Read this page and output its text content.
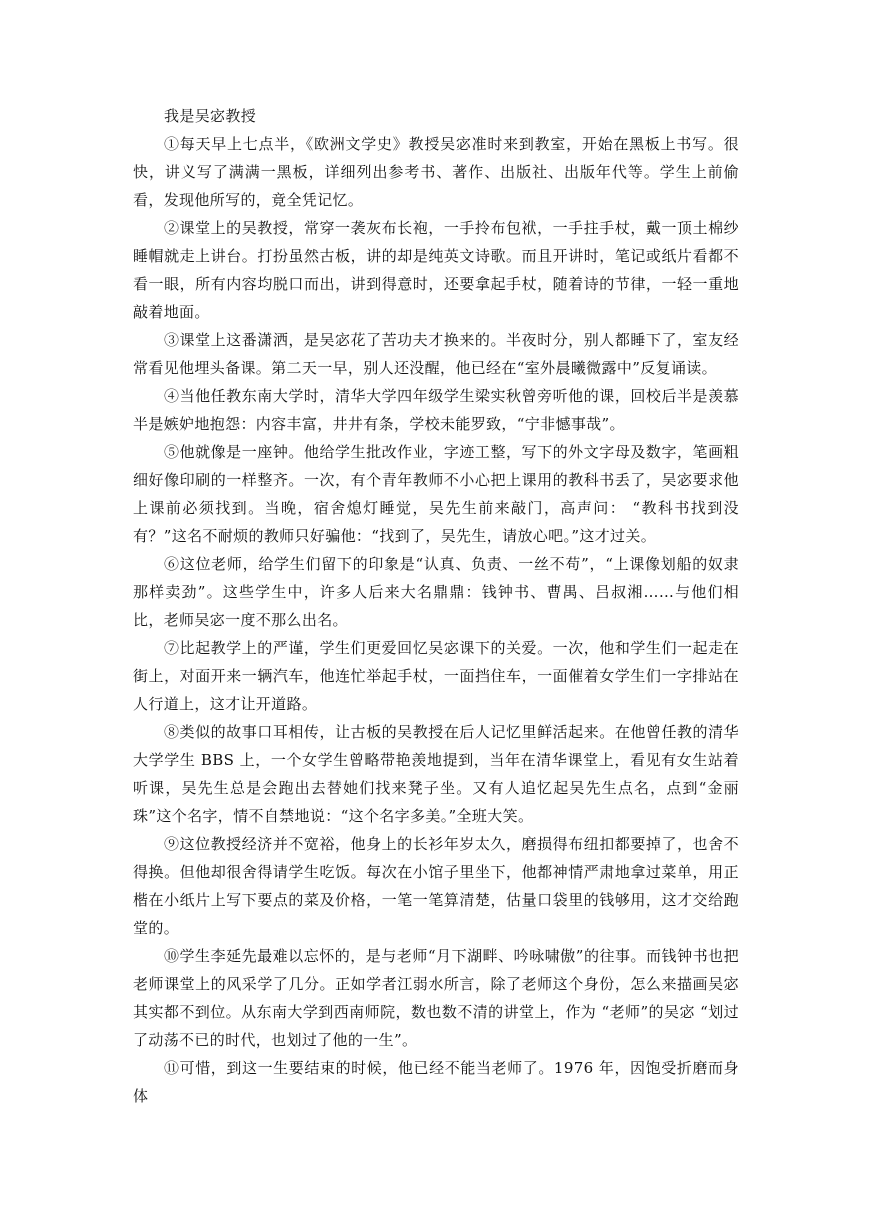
我是吴宓教授

①每天早上七点半，《欧洲文学史》教授吴宓准时来到教室，开始在黑板上书写。很快，讲义写了满满一黑板，详细列出参考书、著作、出版社、出版年代等。学生上前偷看，发现他所写的，竟全凭记忆。

②课堂上的吴教授，常穿一袭灰布长袍，一手拎布包袱，一手拄手杖，戴一顶土棉纱睡帽就走上讲台。打扮虽然古板，讲的却是纯英文诗歌。而且开讲时，笔记或纸片看都不看一眼，所有内容均脱口而出，讲到得意时，还要拿起手杖，随着诗的节律，一轻一重地敲着地面。

③课堂上这番潇洒，是吴宓花了苦功夫才换来的。半夜时分，别人都睡下了，室友经常看见他埋头备课。第二天一早，别人还没醒，他已经在“室外晨曦微露中”反复诵读。

④当他任教东南大学时，清华大学四年级学生梁实秋曾旁听他的课，回校后半是羡慕半是嫉妒地抱怨：内容丰富，井井有条，学校未能罗致，“宁非憾事哉”。

⑤他就像是一座钟。他给学生批改作业，字迹工整，写下的外文字母及数字，笔画粗细好像印刷的一样整齐。一次，有个青年教师不小心把上课用的教科书丢了，吴宓要求他上课前必须找到。当晚，宿舍熄灯睡觉，吴先生前来敲门，高声问： “教科书找到没有？”这名不耐烦的教师只好骗他：“找到了，吴先生，请放心吧。”这才过关。

⑥这位老师，给学生们留下的印象是“认真、负责、一丝不苟”，“上课像划船的奴隶那样卖劲”。这些学生中，许多人后来大名鼎鼎：钱钟书、曹禺、吕叔湘……与他们相比，老师吴宓一度不那么出名。

⑦比起教学上的严谨，学生们更爱回忆吴宓课下的关爱。一次，他和学生们一起走在街上，对面开来一辆汽车，他连忙举起手杖，一面挡住车，一面催着女学生们一字排站在人行道上，这才让开道路。

⑧类似的故事口耳相传，让古板的吴教授在后人记忆里鲜活起来。在他曾任教的清华大学学生 BBS 上，一个女学生曾略带艳羡地提到，当年在清华课堂上，看见有女生站着听课，吴先生总是会跑出去替她们找来凳子坐。又有人追忆起吴先生点名，点到“金丽珠”这个名字，情不自禁地说：“这个名字多美。”全班大笑。

⑨这位教授经济并不宽裕，他身上的长衫年岁太久，磨损得布纽扣都要掉了，也舍不得换。但他却很舍得请学生吃饭。每次在小馆子里坐下，他都神情严肃地拿过菜单，用正楷在小纸片上写下要点的菜及价格，一笔一笔算清楚，估量口袋里的钱够用，这才交给跑堂的。

⑩学生李延先最难以忘怀的，是与老师“月下湖畔、吟咏啸傲”的往事。而钱钟书也把老师课堂上的风采学了几分。正如学者江弱水所言，除了老师这个身份，怎么来描画吴宓其实都不到位。从东南大学到西南师院，数也数不清的讲堂上，作为 “老师”的吴宓 “划过了动荡不已的时代，也划过了他的一生”。

⑪可惜，到这一生要结束的时候，他已经不能当老师了。1976 年，因饱受折磨而身体
